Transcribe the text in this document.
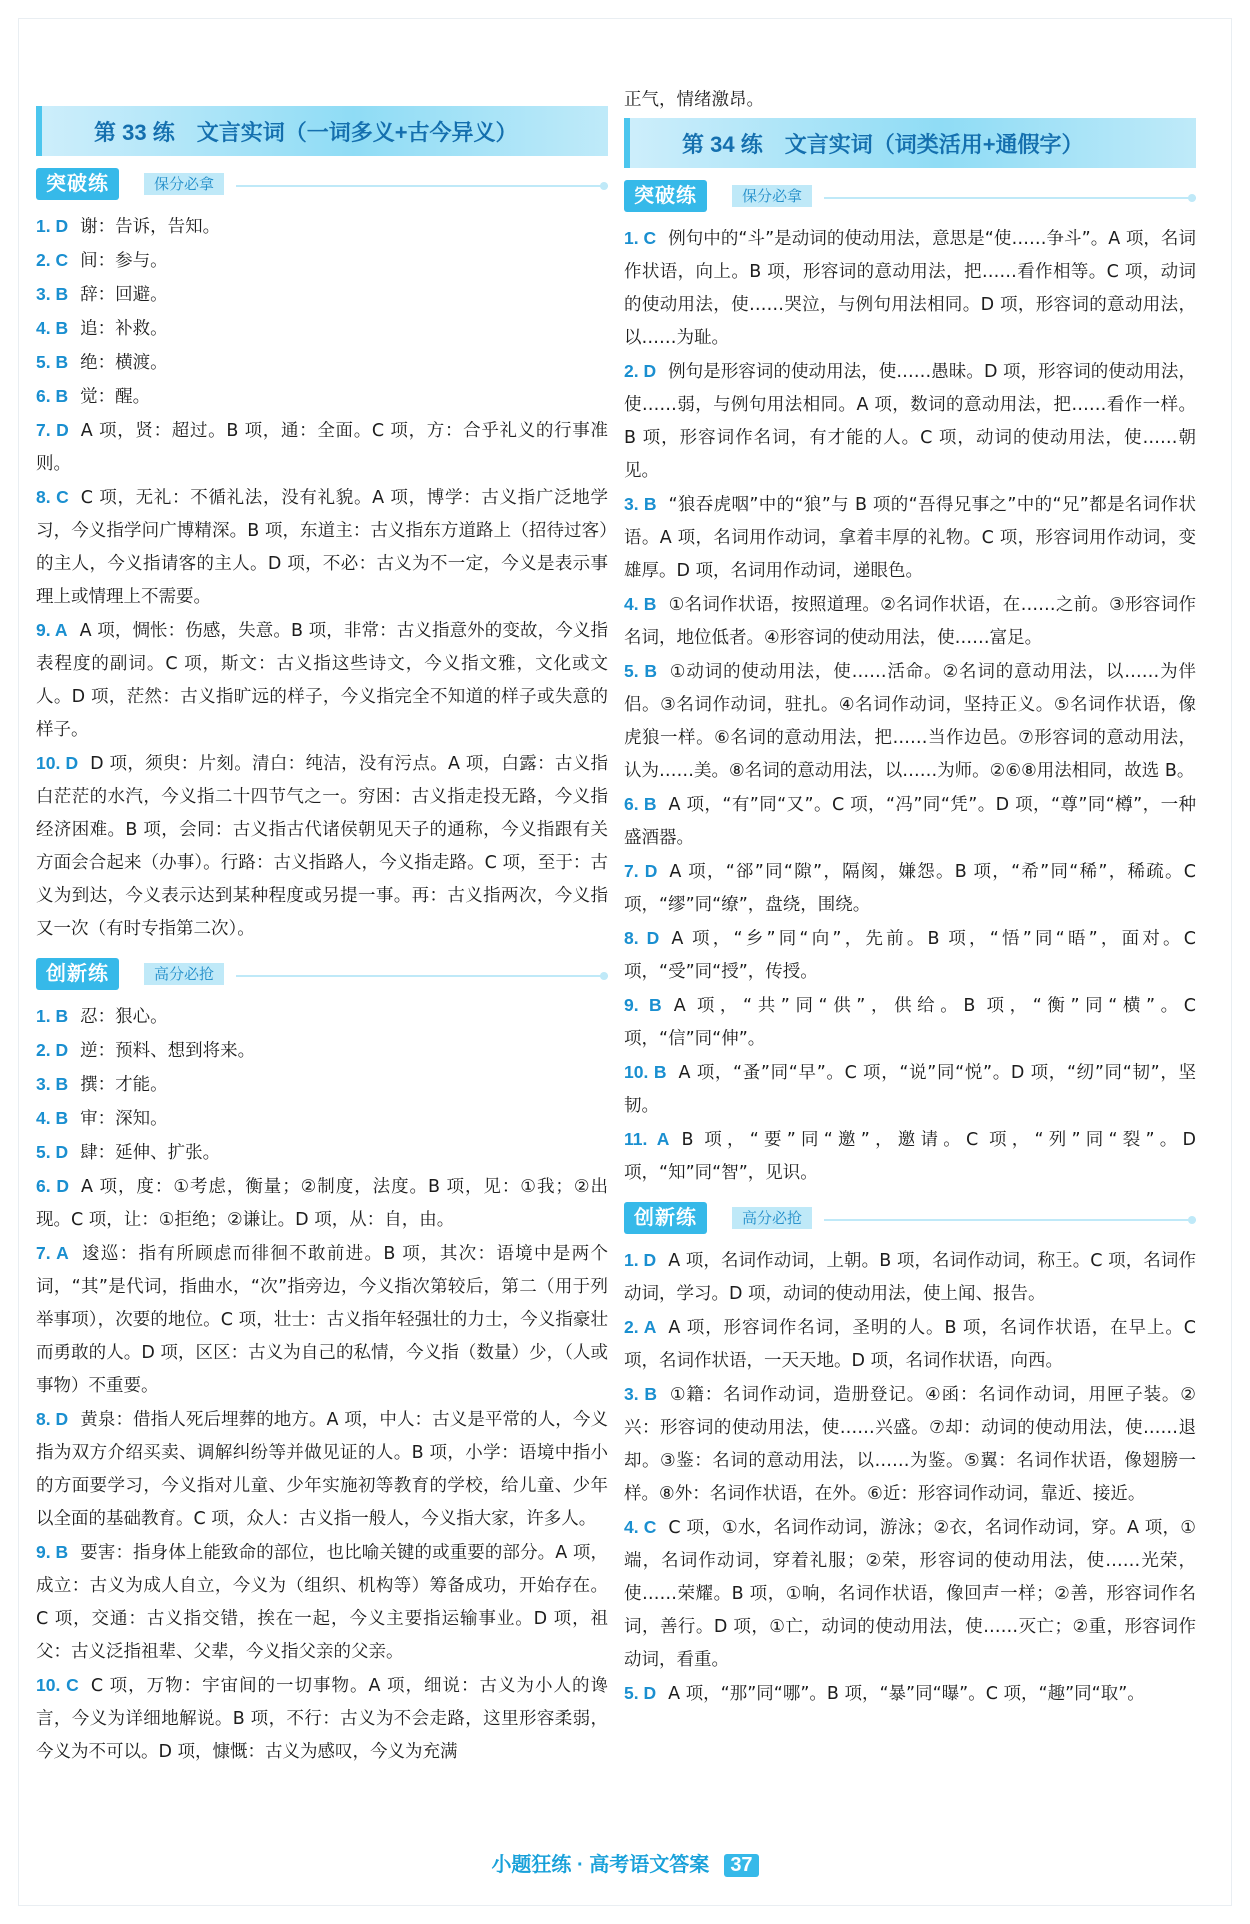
第 33 练　文言实词（一词多义+古今异义）
突破练	保分必拿

1. D 谢：告诉，告知。

2. C 间：参与。

3. B 辞：回避。

4. B 追：补救。

5. B 绝：横渡。

6. B 觉：醒。

7. D A 项，贤：超过。B 项，通：全面。C 项，方：合乎礼义的行事准则。

8. C C 项，无礼：不循礼法，没有礼貌。A 项，博学：古义指广泛地学习，今义指学问广博精深。B 项，东道主：古义指东方道路上（招待过客）的主人，今义指请客的主人。D 项，不必：古义为不一定，今义是表示事理上或情理上不需要。

9. A A 项，惆怅：伤感，失意。B 项，非常：古义指意外的变故，今义指表程度的副词。C 项，斯文：古义指这些诗文，今义指文雅，文化或文人。D 项，茫然：古义指旷远的样子，今义指完全不知道的样子或失意的样子。

10. D D 项，须臾：片刻。清白：纯洁，没有污点。A 项，白露：古义指白茫茫的水汽，今义指二十四节气之一。穷困：古义指走投无路，今义指经济困难。B 项，会同：古义指古代诸侯朝见天子的通称，今义指跟有关方面会合起来（办事）。行路：古义指路人，今义指走路。C 项，至于：古义为到达，今义表示达到某种程度或另提一事。再：古义指两次，今义指又一次（有时专指第二次）。

创新练	高分必抢

1. B 忍：狠心。

2. D 逆：预料、想到将来。

3. B 撰：才能。

4. B 审：深知。

5. D 肆：延伸、扩张。

6. D A 项，度：①考虑，衡量；②制度，法度。B 项，见：①我；②出现。C 项，让：①拒绝；②谦让。D 项，从：自，由。

7. A 逡巡：指有所顾虑而徘徊不敢前进。B 项，其次：语境中是两个词，“其”是代词，指曲水，“次”指旁边，今义指次第较后，第二（用于列举事项），次要的地位。C 项，壮士：古义指年轻强壮的力士，今义指豪壮而勇敢的人。D 项，区区：古义为自己的私情，今义指（数量）少，（人或事物）不重要。

8. D 黄泉：借指人死后埋葬的地方。A 项，中人：古义是平常的人，今义指为双方介绍买卖、调解纠纷等并做见证的人。B 项，小学：语境中指小的方面要学习，今义指对儿童、少年实施初等教育的学校，给儿童、少年以全面的基础教育。C 项，众人：古义指一般人，今义指大家，许多人。

9. B 要害：指身体上能致命的部位，也比喻关键的或重要的部分。A 项，成立：古义为成人自立，今义为（组织、机构等）筹备成功，开始存在。C 项，交通：古义指交错，挨在一起，今义主要指运输事业。D 项，祖父：古义泛指祖辈、父辈，今义指父亲的父亲。

10. C C 项，万物：宇宙间的一切事物。A 项，细说：古义为小人的谗言，今义为详细地解说。B 项，不行：古义为不会走路，这里形容柔弱，今义为不可以。D 项，慷慨：古义为感叹，今义为充满

正气，情绪激昂。

第 34 练　文言实词（词类活用+通假字）
突破练	保分必拿

1. C 例句中的“斗”是动词的使动用法，意思是“使……争斗”。A 项，名词作状语，向上。B 项，形容词的意动用法，把……看作相等。C 项，动词的使动用法，使……哭泣，与例句用法相同。D 项，形容词的意动用法，以……为耻。

2. D 例句是形容词的使动用法，使……愚昧。D 项，形容词的使动用法，使……弱，与例句用法相同。A 项，数词的意动用法，把……看作一样。B 项，形容词作名词，有才能的人。C 项，动词的使动用法，使……朝见。

3. B “狼吞虎咽”中的“狼”与 B 项的“吾得兄事之”中的“兄”都是名词作状语。A 项，名词用作动词，拿着丰厚的礼物。C 项，形容词用作动词，变雄厚。D 项，名词用作动词，递眼色。

4. B ①名词作状语，按照道理。②名词作状语，在……之前。③形容词作名词，地位低者。④形容词的使动用法，使……富足。

5. B ①动词的使动用法，使……活命。②名词的意动用法，以……为伴侣。③名词作动词，驻扎。④名词作动词，坚持正义。⑤名词作状语，像虎狼一样。⑥名词的意动用法，把……当作边邑。⑦形容词的意动用法，认为……美。⑧名词的意动用法，以……为师。②⑥⑧用法相同，故选 B。

6. B A 项，“有”同“又”。C 项，“冯”同“凭”。D 项，“尊”同“樽”，一种盛酒器。

7. D A 项，“郤”同“隙”，隔阂，嫌怨。B 项，“希”同“稀”，稀疏。C 项，“缪”同“缭”，盘绕，围绕。

8. D A 项，“乡”同“向”，先前。B 项，“悟”同“晤”，面对。C 项，“受”同“授”，传授。

9. B A 项，“共”同“供”，供给。B 项，“衡”同“横”。C 项，“信”同“伸”。

10. B A 项，“蚤”同“早”。C 项，“说”同“悦”。D 项，“纫”同“韧”，坚韧。

11. A B 项，“要”同“邀”，邀请。C 项，“列”同“裂”。D 项，“知”同“智”，见识。

创新练	高分必抢

1. D A 项，名词作动词，上朝。B 项，名词作动词，称王。C 项，名词作动词，学习。D 项，动词的使动用法，使上闻、报告。

2. A A 项，形容词作名词，圣明的人。B 项，名词作状语，在早上。C 项，名词作状语，一天天地。D 项，名词作状语，向西。

3. B ①籍：名词作动词，造册登记。④函：名词作动词，用匣子装。②兴：形容词的使动用法，使……兴盛。⑦却：动词的使动用法，使……退却。③鉴：名词的意动用法，以……为鉴。⑤翼：名词作状语，像翅膀一样。⑧外：名词作状语，在外。⑥近：形容词作动词，靠近、接近。

4. C C 项，①水，名词作动词，游泳；②衣，名词作动词，穿。A 项，①端，名词作动词，穿着礼服；②荣，形容词的使动用法，使……光荣，使……荣耀。B 项，①响，名词作状语，像回声一样；②善，形容词作名词，善行。D 项，①亡，动词的使动用法，使……灭亡；②重，形容词作动词，看重。

5. D A 项，“那”同“哪”。B 项，“暴”同“曝”。C 项，“趣”同“取”。

小题狂练 · 高考语文答案 37
